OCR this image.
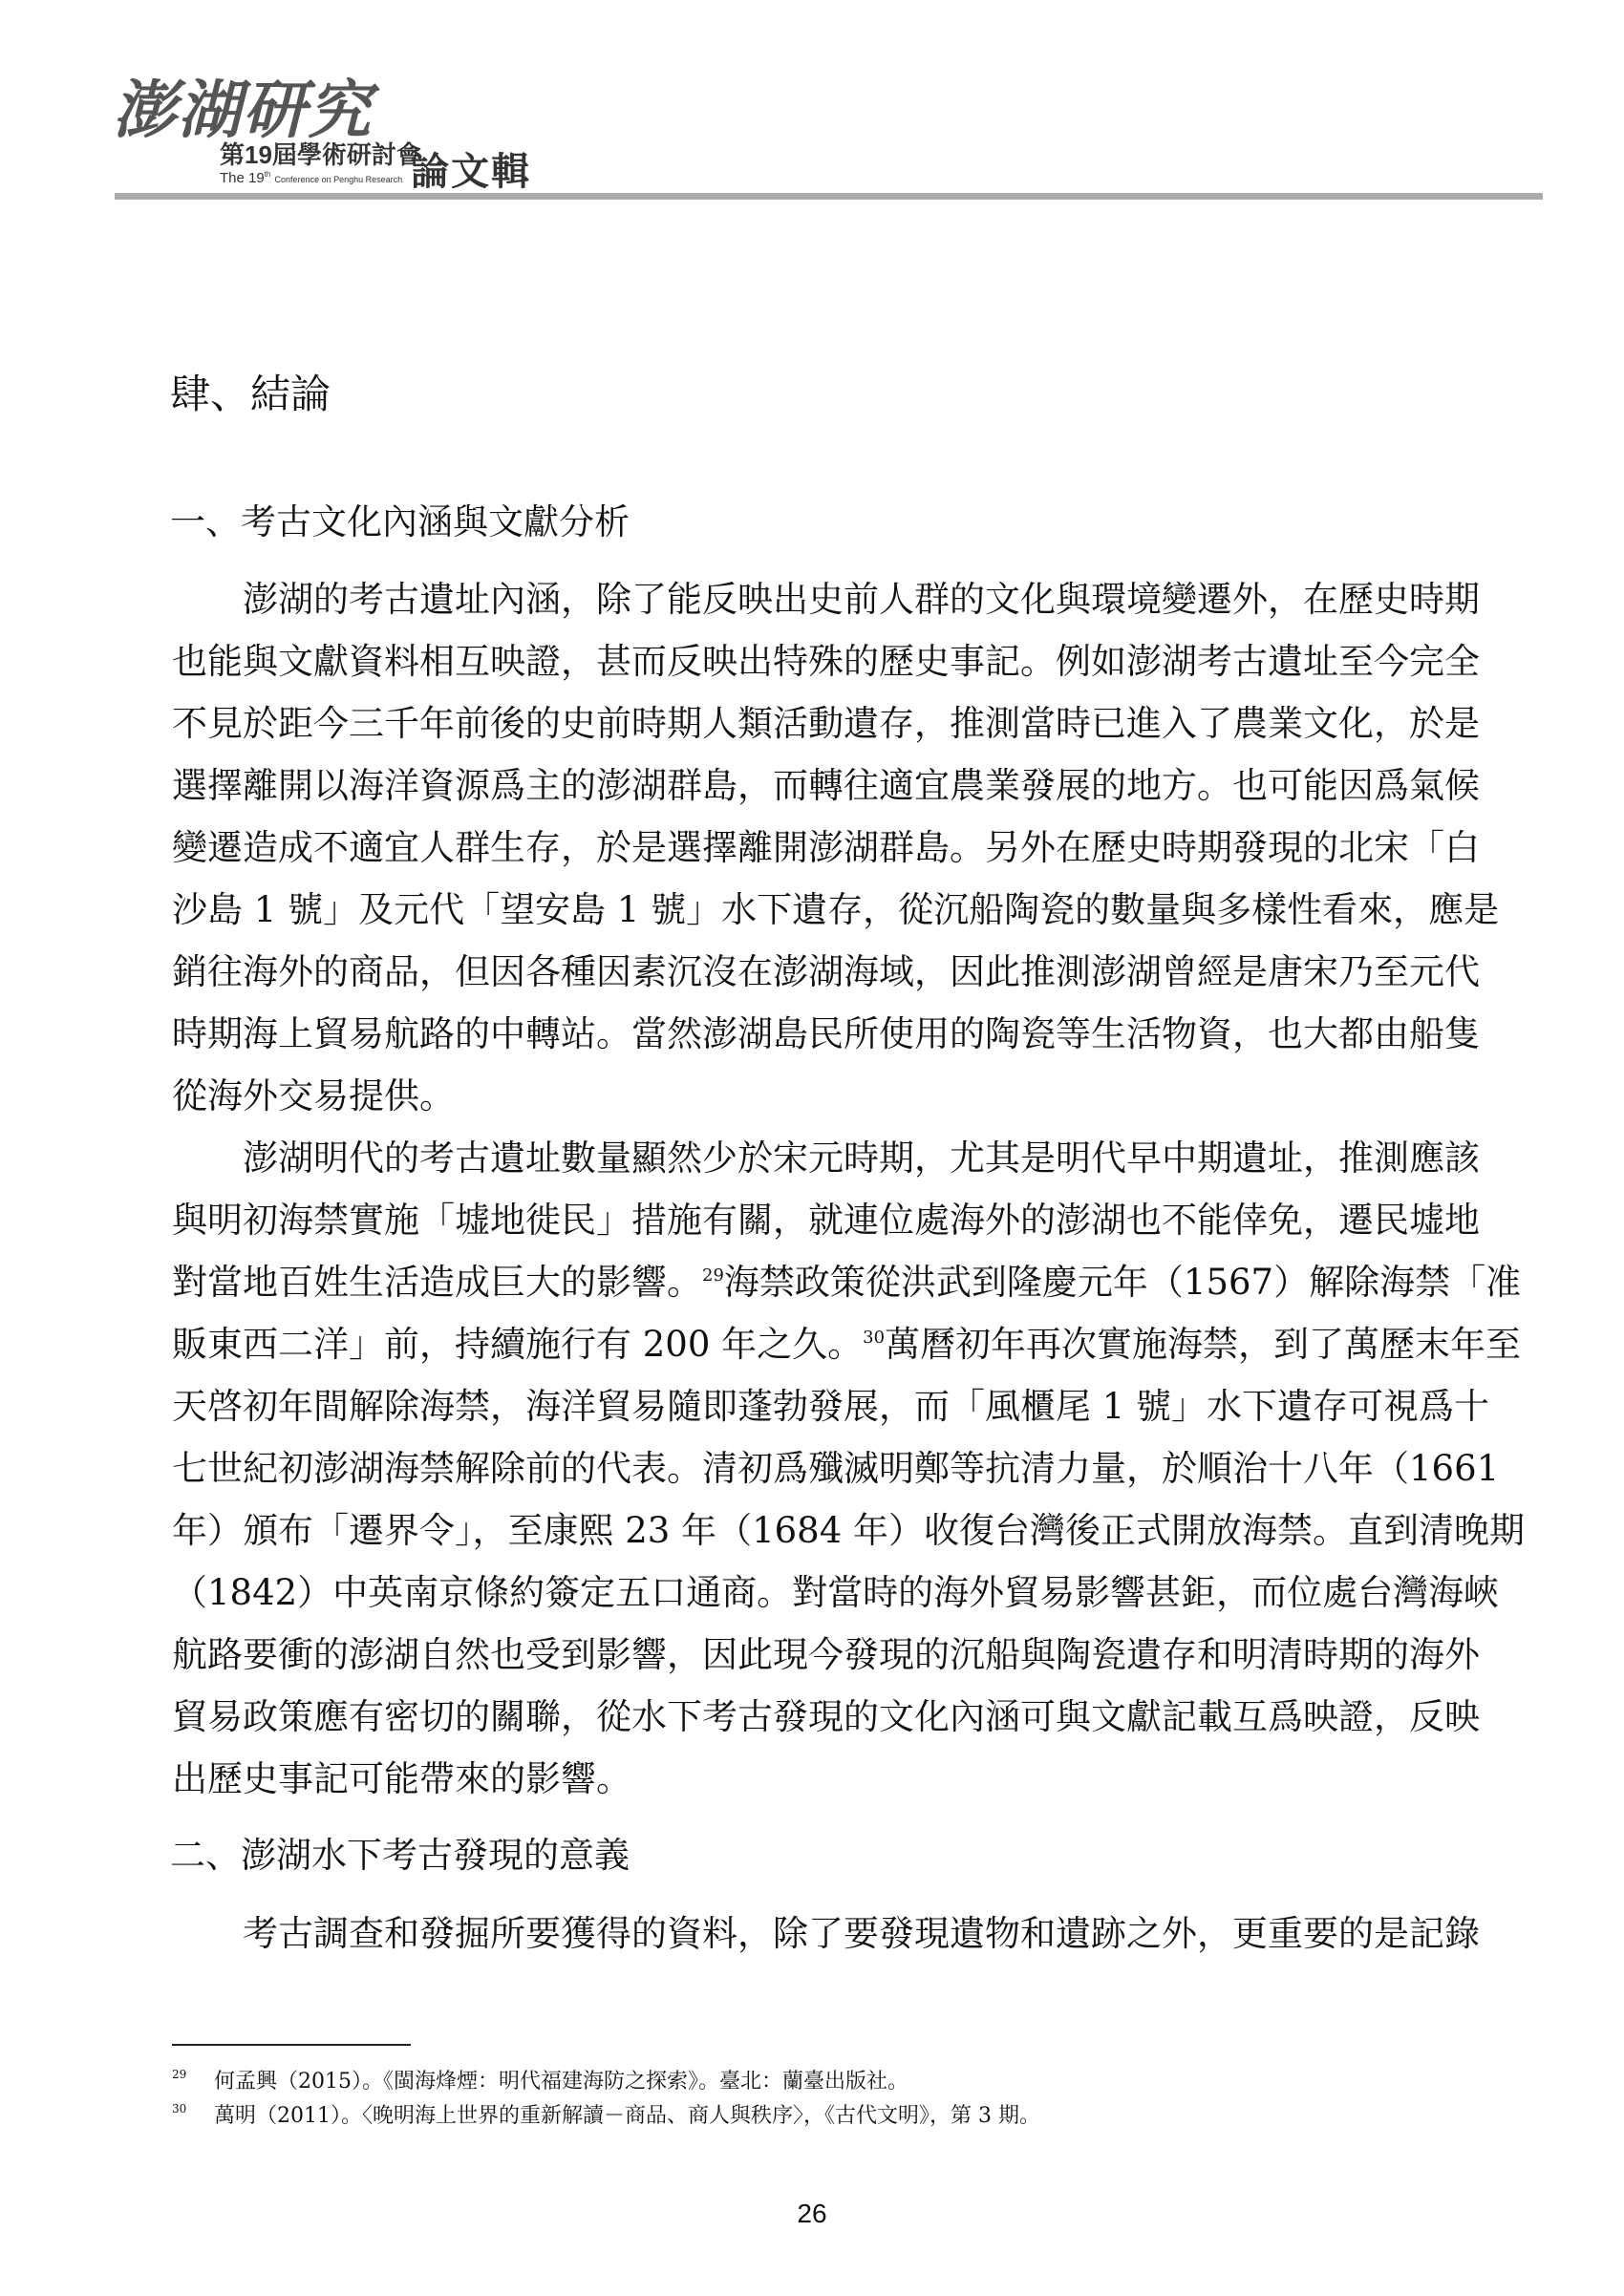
澎湖研究
第19屆學術研討會
The 19th Conference on Penghu Research 論文輯
肆、結論
一、考古文化內涵與文獻分析
澎湖的考古遺址內涵，除了能反映出史前人群的文化與環境變遷外，在歷史時期
也能與文獻資料相互映證，甚而反映出特殊的歷史事記。例如澎湖考古遺址至今完全
不見於距今三千年前後的史前時期人類活動遺存，推測當時已進入了農業文化，於是
選擇離開以海洋資源爲主的澎湖群島，而轉往適宜農業發展的地方。也可能因爲氣候
變遷造成不適宜人群生存，於是選擇離開澎湖群島。另外在歷史時期發現的北宋「白
沙島 1 號」及元代「望安島 1 號」水下遺存，從沉船陶瓷的數量與多樣性看來，應是
銷往海外的商品，但因各種因素沉沒在澎湖海域，因此推測澎湖曾經是唐宋乃至元代
時期海上貿易航路的中轉站。當然澎湖島民所使用的陶瓷等生活物資，也大都由船隻
從海外交易提供。
澎湖明代的考古遺址數量顯然少於宋元時期，尤其是明代早中期遺址，推測應該
與明初海禁實施「墟地徙民」措施有關，就連位處海外的澎湖也不能倖免，遷民墟地
對當地百姓生活造成巨大的影響。$^{29}$海禁政策從洪武到隆慶元年（1567）解除海禁「准
販東西二洋」前，持續施行有 200 年之久。$^{30}$萬曆初年再次實施海禁，到了萬歷末年至
天啓初年間解除海禁，海洋貿易隨即蓬勃發展，而「風櫃尾 1 號」水下遺存可視爲十
七世紀初澎湖海禁解除前的代表。清初爲殲滅明鄭等抗清力量，於順治十八年（1661
年）頒布「遷界令」，至康熙 23 年（1684 年）收復台灣後正式開放海禁。直到清晚期
（1842）中英南京條約簽定五口通商。對當時的海外貿易影響甚鉅，而位處台灣海峽
航路要衝的澎湖自然也受到影響，因此現今發現的沉船與陶瓷遺存和明清時期的海外
貿易政策應有密切的關聯，從水下考古發現的文化內涵可與文獻記載互爲映證，反映
出歷史事記可能帶來的影響。
二、澎湖水下考古發現的意義
考古調查和發掘所要獲得的資料，除了要發現遺物和遺跡之外，更重要的是記錄
29 何孟興（2015）。《閩海烽煙：明代福建海防之探索》。臺北：蘭臺出版社。
30 萬明（2011）。〈晚明海上世界的重新解讀－商品、商人與秩序〉，《古代文明》，第 3 期。
26
